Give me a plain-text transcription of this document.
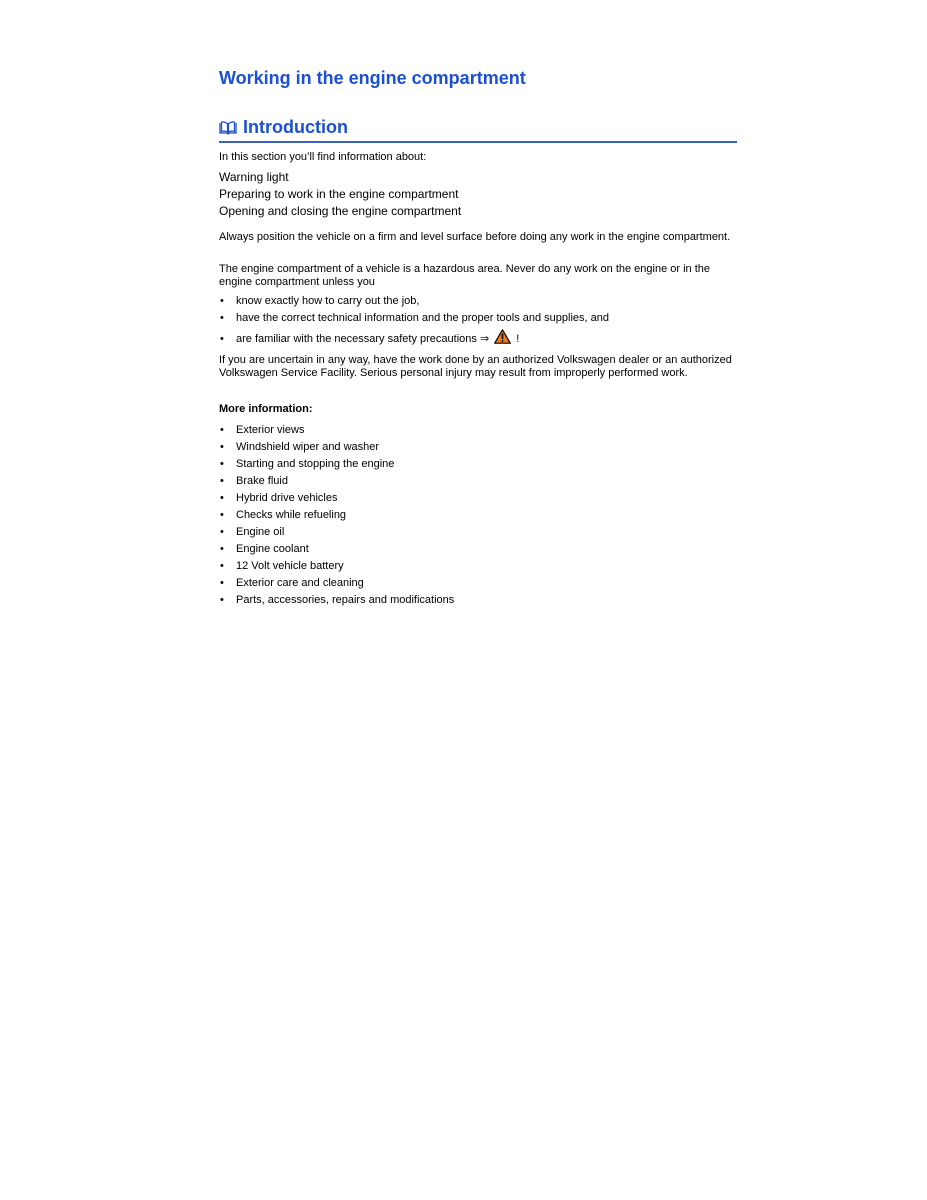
Working in the engine compartment
Introduction

In this section you’ll find information about:

Warning light
Preparing to work in the engine compartment
Opening and closing the engine compartment

Always position the vehicle on a firm and level surface before doing any work in the engine compartment.

The engine compartment of a vehicle is a hazardous area. Never do any work on the engine or in the engine compartment unless you

• know exactly how to carry out the job,
• have the correct technical information and the proper tools and supplies, and
• are familiar with the necessary safety precautions ⇒ !

If you are uncertain in any way, have the work done by an authorized Volkswagen dealer or an authorized Volkswagen Service Facility. Serious personal injury may result from improperly performed work.

More information:
• Exterior views
• Windshield wiper and washer
• Starting and stopping the engine
• Brake fluid
• Hybrid drive vehicles
• Checks while refueling
• Engine oil
• Engine coolant
• 12 Volt vehicle battery
• Exterior care and cleaning
• Parts, accessories, repairs and modifications
